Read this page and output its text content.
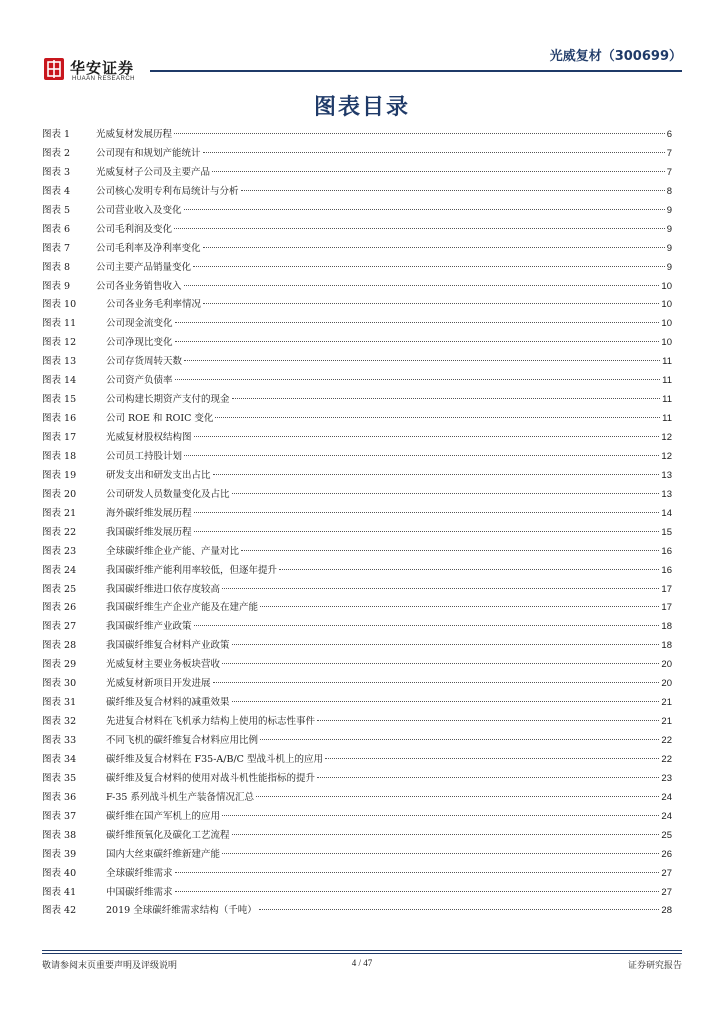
华安证券
HUAAN RESEARCH
光威复材（300699）
图表目录
图表 1	光威复材发展历程	6
图表 2	公司现有和规划产能统计	7
图表 3	光威复材子公司及主要产品	7
图表 4	公司核心发明专利布局统计与分析	8
图表 5	公司营业收入及变化	9
图表 6	公司毛利润及变化	9
图表 7	公司毛利率及净利率变化	9
图表 8	公司主要产品销量变化	9
图表 9	公司各业务销售收入	10
图表 10	公司各业务毛利率情况	10
图表 11	公司现金流变化	10
图表 12	公司净现比变化	10
图表 13	公司存货周转天数	11
图表 14	公司资产负债率	11
图表 15	公司构建长期资产支付的现金	11
图表 16	公司 ROE 和 ROIC 变化	11
图表 17	光威复材股权结构图	12
图表 18	公司员工持股计划	12
图表 19	研发支出和研发支出占比	13
图表 20	公司研发人员数量变化及占比	13
图表 21	海外碳纤维发展历程	14
图表 22	我国碳纤维发展历程	15
图表 23	全球碳纤维企业产能、产量对比	16
图表 24	我国碳纤维产能利用率较低，但逐年提升	16
图表 25	我国碳纤维进口依存度较高	17
图表 26	我国碳纤维生产企业产能及在建产能	17
图表 27	我国碳纤维产业政策	18
图表 28	我国碳纤维复合材料产业政策	18
图表 29	光威复材主要业务板块营收	20
图表 30	光威复材新项目开发进展	20
图表 31	碳纤维及复合材料的减重效果	21
图表 32	先进复合材料在飞机承力结构上使用的标志性事件	21
图表 33	不同飞机的碳纤维复合材料应用比例	22
图表 34	碳纤维及复合材料在 F35-A/B/C 型战斗机上的应用	22
图表 35	碳纤维及复合材料的使用对战斗机性能指标的提升	23
图表 36	F-35 系列战斗机生产装备情况汇总	24
图表 37	碳纤维在国产军机上的应用	24
图表 38	碳纤维预氧化及碳化工艺流程	25
图表 39	国内大丝束碳纤维新建产能	26
图表 40	全球碳纤维需求	27
图表 41	中国碳纤维需求	27
图表 42	2019 全球碳纤维需求结构（千吨）	28
敬请参阅末页重要声明及评级说明	4 / 47	证券研究报告
